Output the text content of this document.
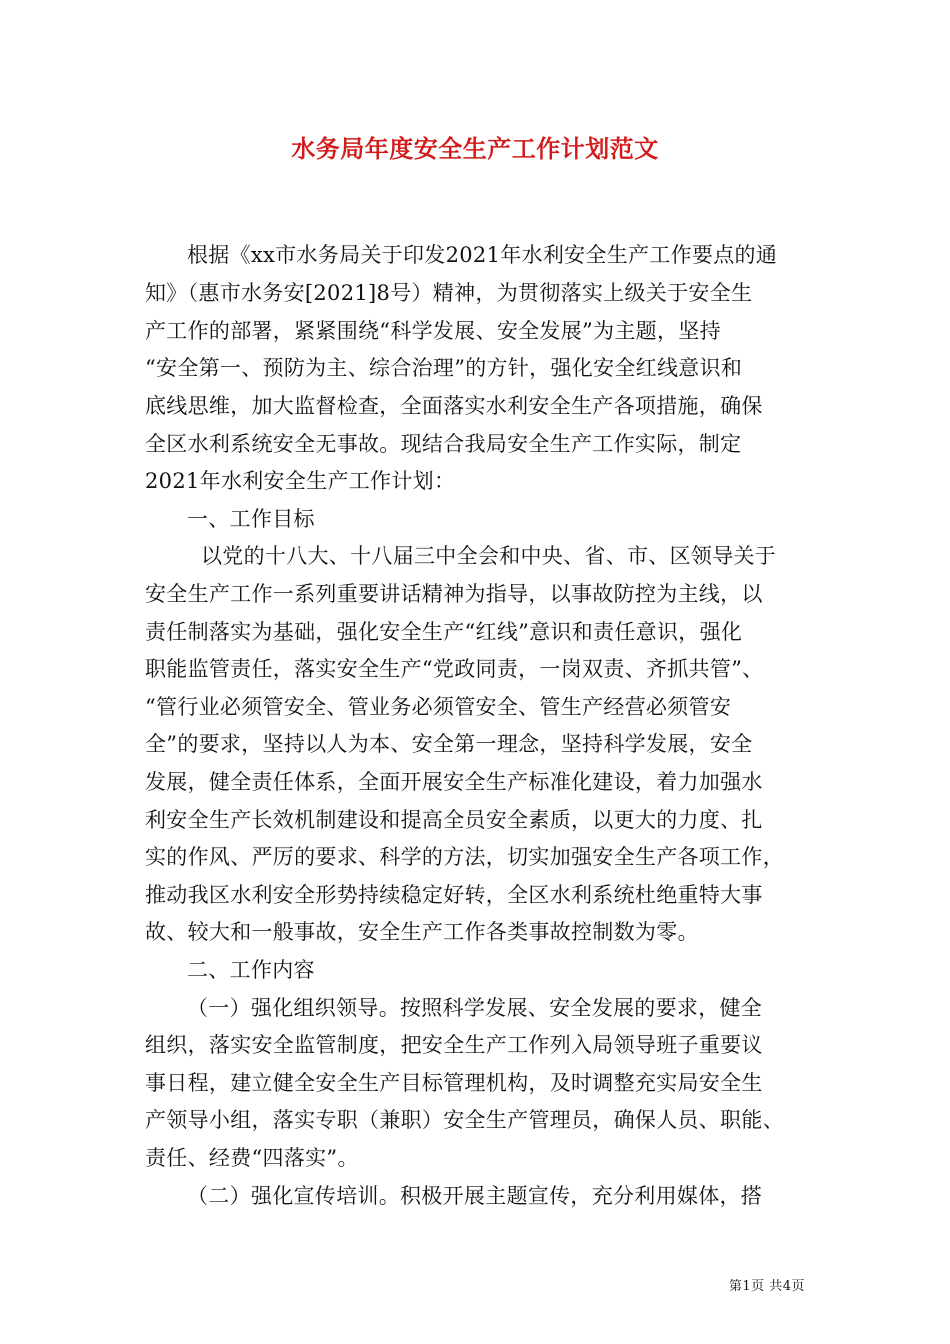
水务局年度安全生产工作计划范文
根据《xx市水务局关于印发2021年水利安全生产工作要点的通
知》（惠市水务安[2021]8号）精神，为贯彻落实上级关于安全生
产工作的部署，紧紧围绕“科学发展、安全发展”为主题，坚持
“安全第一、预防为主、综合治理”的方针，强化安全红线意识和
底线思维，加大监督检查，全面落实水利安全生产各项措施，确保
全区水利系统安全无事故。现结合我局安全生产工作实际，制定
2021年水利安全生产工作计划：
一、工作目标
以党的十八大、十八届三中全会和中央、省、市、区领导关于
安全生产工作一系列重要讲话精神为指导，以事故防控为主线，以
责任制落实为基础，强化安全生产“红线”意识和责任意识，强化
职能监管责任，落实安全生产“党政同责，一岗双责、齐抓共管”、
“管行业必须管安全、管业务必须管安全、管生产经营必须管安
全”的要求，坚持以人为本、安全第一理念，坚持科学发展，安全
发展，健全责任体系，全面开展安全生产标准化建设，着力加强水
利安全生产长效机制建设和提高全员安全素质，以更大的力度、扎
实的作风、严厉的要求、科学的方法，切实加强安全生产各项工作，
推动我区水利安全形势持续稳定好转，全区水利系统杜绝重特大事
故、较大和一般事故，安全生产工作各类事故控制数为零。
二、工作内容
（一）强化组织领导。按照科学发展、安全发展的要求，健全
组织，落实安全监管制度，把安全生产工作列入局领导班子重要议
事日程，建立健全安全生产目标管理机构，及时调整充实局安全生
产领导小组，落实专职（兼职）安全生产管理员，确保人员、职能、
责任、经费“四落实”。
（二）强化宣传培训。积极开展主题宣传，充分利用媒体，搭
第1页 共4页
